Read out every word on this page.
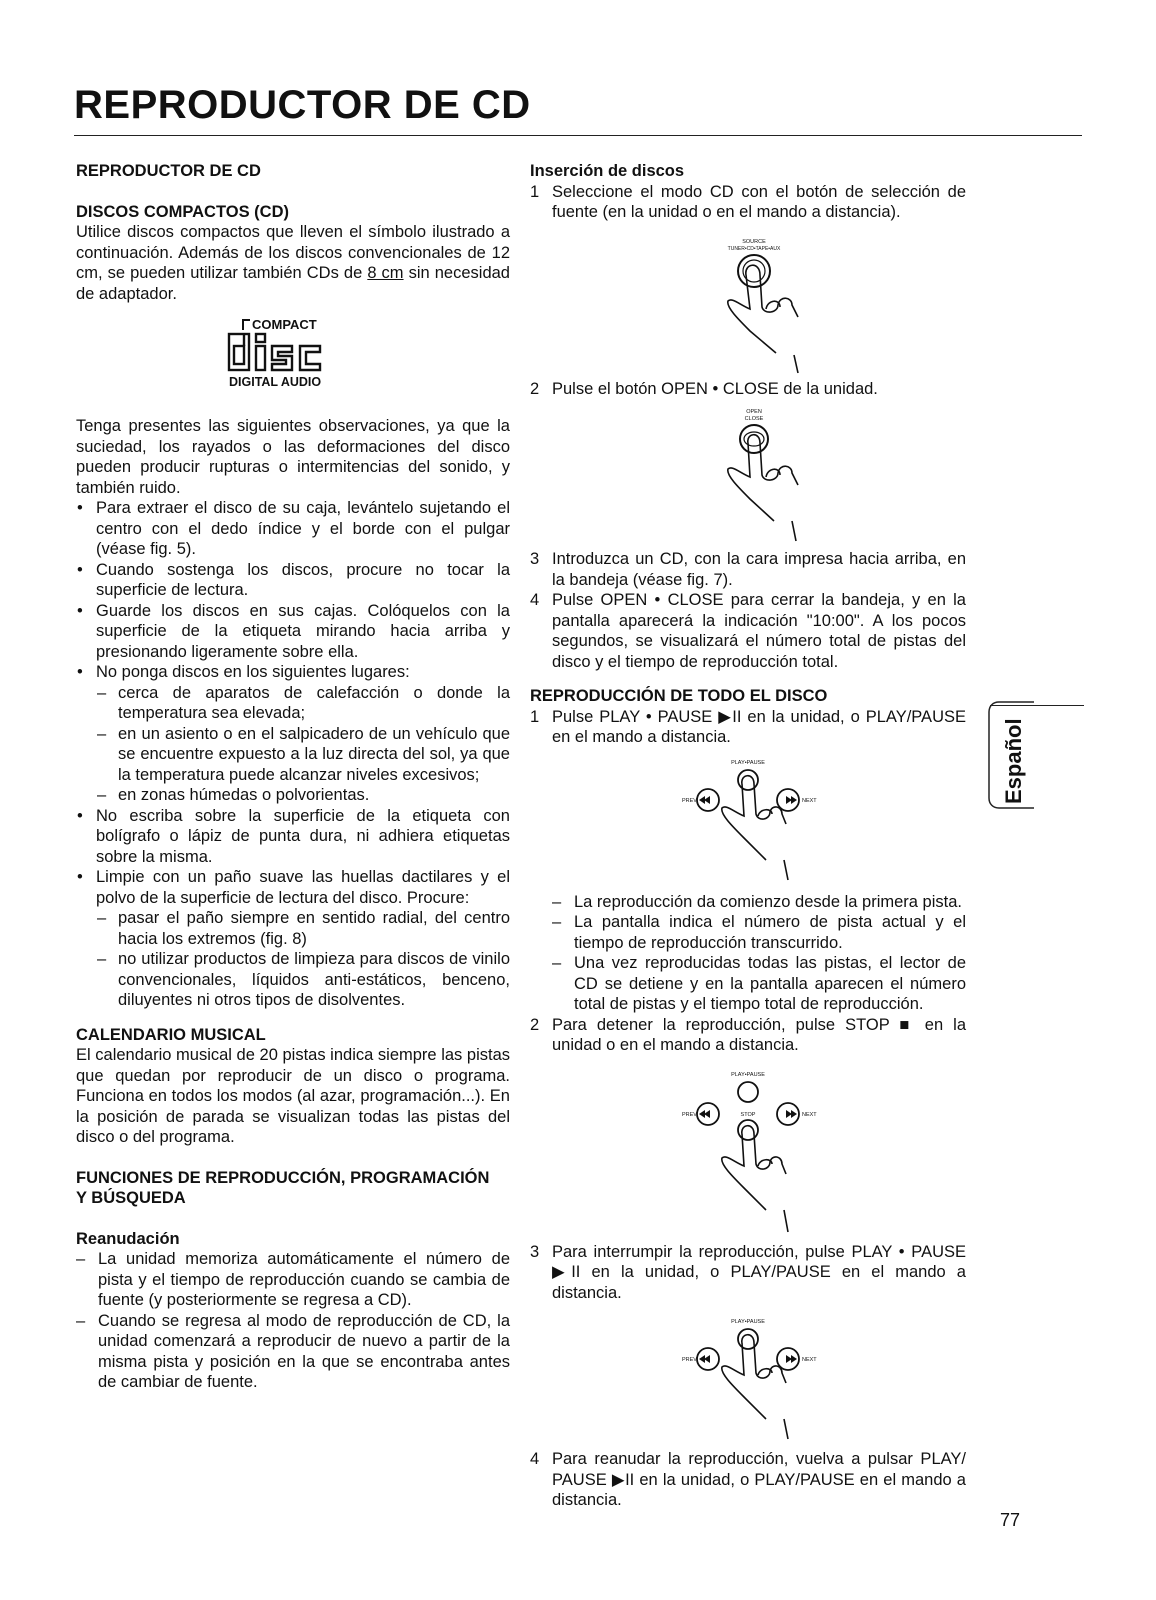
REPRODUCTOR DE CD
REPRODUCTOR DE CD
DISCOS COMPACTOS (CD)

Utilice discos compactos que lleven el símbolo ilustrado a continuación. Además de los discos convencionales de 12 cm, se pueden utilizar también CDs de 8 cm sin necesidad de adaptador.

COMPACT
DIGITAL AUDIO

Tenga presentes las siguientes observaciones, ya que la suciedad, los rayados o las deformaciones del disco pueden producir rupturas o intermitencias del sonido, y también ruido.

• Para extraer el disco de su caja, levántelo sujetando el centro con el dedo índice y el borde con el pulgar (véase fig. 5).
• Cuando sostenga los discos, procure no tocar la superficie de lectura.
• Guarde los discos en sus cajas. Colóquelos con la superficie de la etiqueta mirando hacia arriba y presionando ligeramente sobre ella.
• No ponga discos en los siguientes lugares:
– cerca de aparatos de calefacción o donde la temperatura sea elevada;
– en un asiento o en el salpicadero de un vehículo que se encuentre expuesto a la luz directa del sol, ya que la temperatura puede alcanzar niveles excesivos;
– en zonas húmedas o polvorientas.
• No escriba sobre la superficie de la etiqueta con bolígrafo o lápiz de punta dura, ni adhiera etiquetas sobre la misma.
• Limpie con un paño suave las huellas dactilares y el polvo de la superficie de lectura del disco. Procure:
– pasar el paño siempre en sentido radial, del centro hacia los extremos (fig. 8)
– no utilizar productos de limpieza para discos de vinilo convencionales, líquidos anti-estáticos, benceno, diluyentes ni otros tipos de disolventes.
CALENDARIO MUSICAL

El calendario musical de 20 pistas indica siempre las pistas que quedan por reproducir de un disco o programa. Funciona en todos los modos (al azar, programación...). En la posición de parada se visualizan todas las pistas del disco o del programa.

FUNCIONES DE REPRODUCCIÓN, PROGRAMACIÓN
Y BÚSQUEDA
Reanudación
– La unidad memoriza automáticamente el número de pista y el tiempo de reproducción cuando se cambia de fuente (y posteriormente se regresa a CD).
– Cuando se regresa al modo de reproducción de CD, la unidad comenzará a reproducir de nuevo a partir de la misma pista y posición en la que se encontraba antes de cambiar de fuente.
Inserción de discos
1 Seleccione el modo CD con el botón de selección de fuente (en la unidad o en el mando a distancia).
SOURCE
TUNER•CD•TAPE•AUX
2 Pulse el botón OPEN • CLOSE de la unidad.
OPEN
CLOSE
3 Introduzca un CD, con la cara impresa hacia arriba, en la bandeja (véase fig. 7).
4 Pulse OPEN • CLOSE para cerrar la bandeja, y en la pantalla aparecerá la indicación "10:00". A los pocos segundos, se visualizará el número total de pistas del disco y el tiempo de reproducción total.
REPRODUCCIÓN DE TODO EL DISCO
1 Pulse PLAY • PAUSE ▶II en la unidad, o PLAY/PAUSE en el mando a distancia.
PLAY•PAUSE
PREV	NEXT
– La reproducción da comienzo desde la primera pista.
– La pantalla indica el número de pista actual y el tiempo de reproducción transcurrido.
– Una vez reproducidas todas las pistas, el lector de CD se detiene y en la pantalla aparecen el número total de pistas y el tiempo total de reproducción.
2 Para detener la reproducción, pulse STOP ■ en la unidad o en el mando a distancia.
PLAY•PAUSE
PREV	STOP	NEXT
3 Para interrumpir la reproducción, pulse PLAY • PAUSE ▶II en la unidad, o PLAY/PAUSE en el mando a distancia.
PLAY•PAUSE
PREV	NEXT
4 Para reanudar la reproducción, vuelva a pulsar PLAY/ PAUSE ▶II en la unidad, o PLAY/PAUSE en el mando a distancia.
Español
77
